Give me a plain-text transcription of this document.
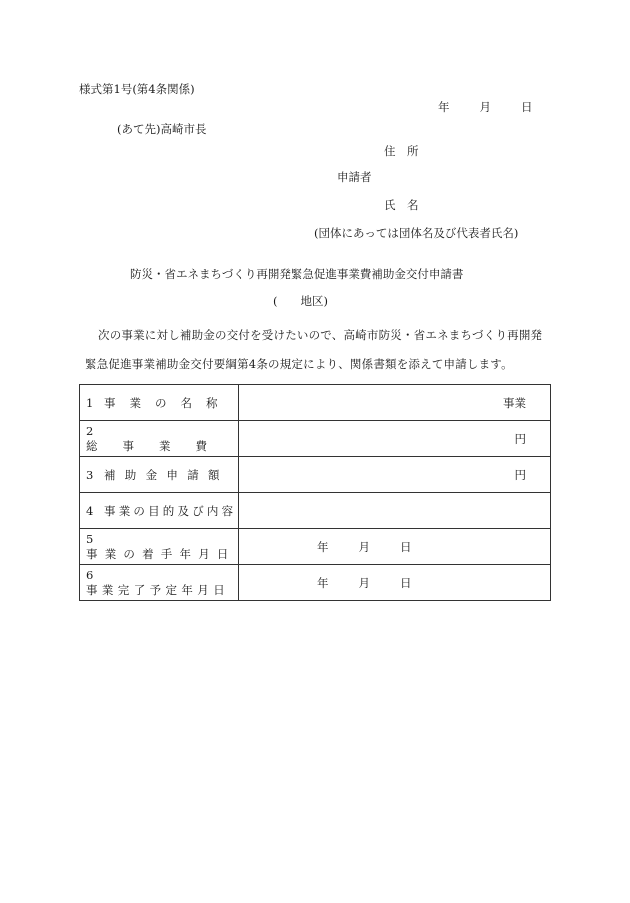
様式第1号(第4条関係)
年	月	日
(あて先)高崎市長
住　所
申請者
氏　名
(団体にあっては団体名及び代表者氏名)
防災・省エネまちづくり再開発緊急促進事業費補助金交付申請書
(　　地区)
次の事業に対し補助金の交付を受けたいので、高崎市防災・省エネまちづくり再開発
緊急促進事業補助金交付要綱第4条の規定により、関係書類を添えて申請します。
1 事業の名称	事業
2総事業費	円
3 補助金申請額	円
4 事業の目的及び内容	
5事業の着手年月日	年 月 日
6事業完了予定年月日	年 月 日
